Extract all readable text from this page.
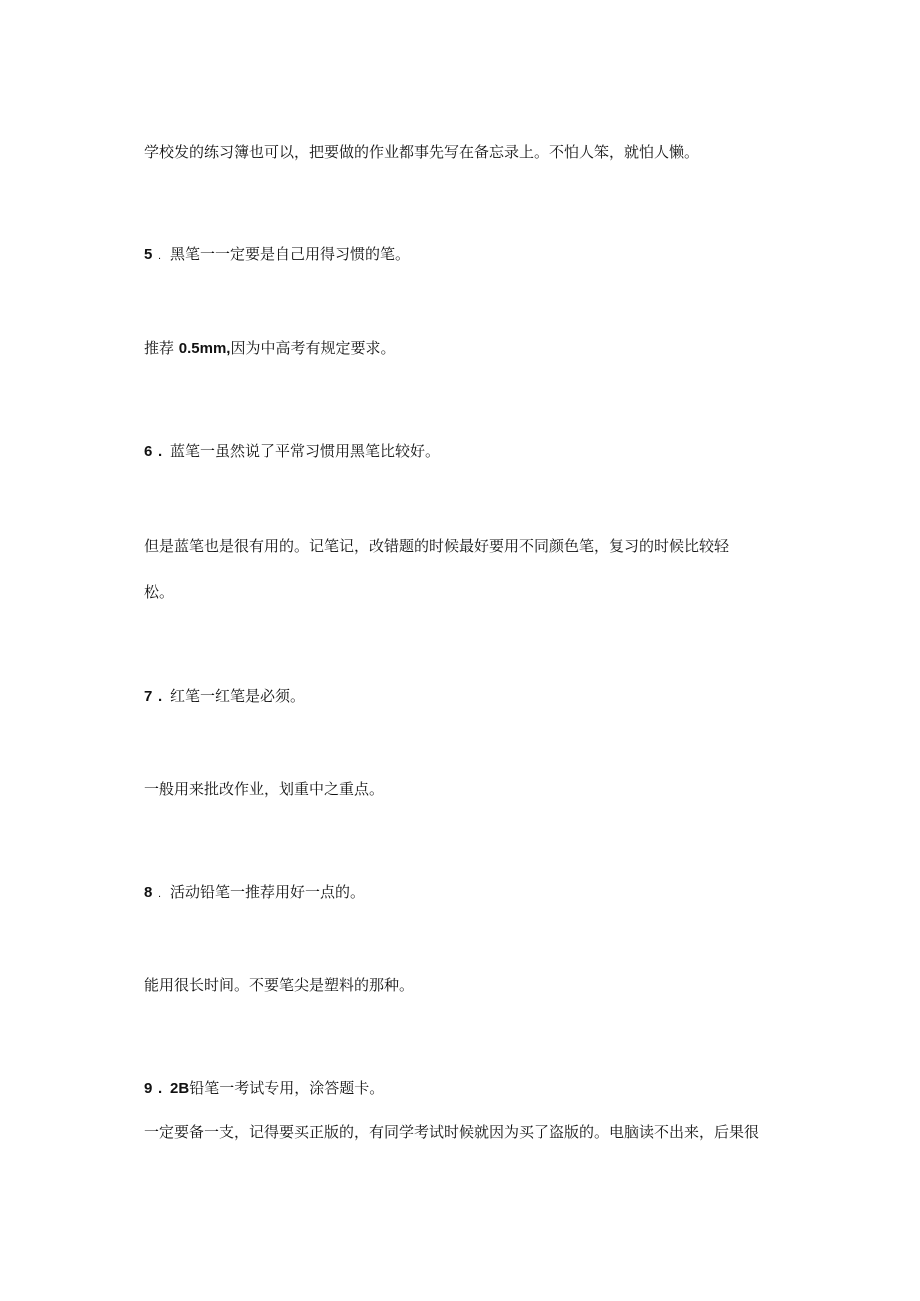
学校发的练习簿也可以，把要做的作业都事先写在备忘录上。不怕人笨，就怕人懒。
5 . 黑笔一一定要是自己用得习惯的笔。
推荐 0.5mm,因为中高考有规定要求。
6 . 蓝笔一虽然说了平常习惯用黑笔比较好。
但是蓝笔也是很有用的。记笔记，改错题的时候最好要用不同颜色笔，复习的时候比较轻
松。
7 . 红笔一红笔是必须。
一般用来批改作业，划重中之重点。
8 . 活动铅笔一推荐用好一点的。
能用很长时间。不要笔尖是塑料的那种。
9 . 2B铅笔一考试专用，涂答题卡。
一定要备一支，记得要买正版的，有同学考试时候就因为买了盗版的。电脑读不出来，后果很
